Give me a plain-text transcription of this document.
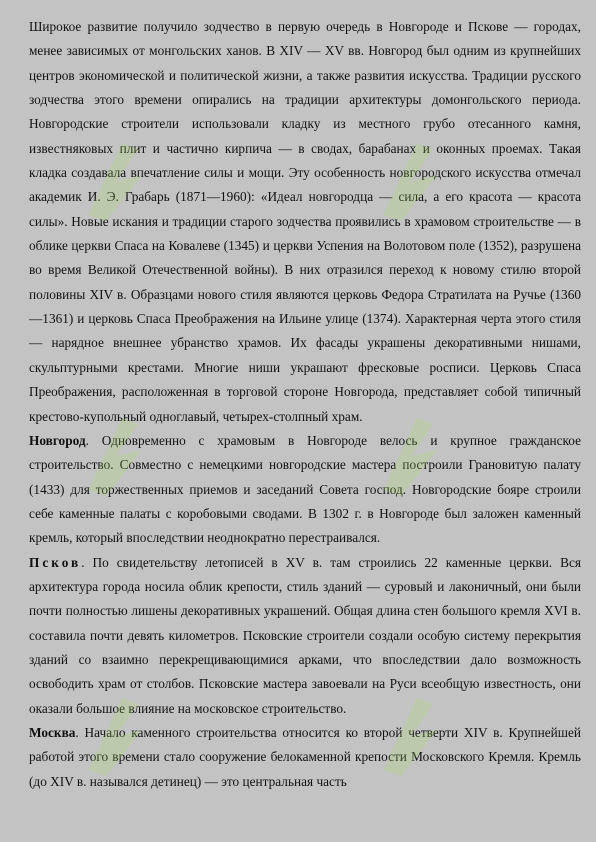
Широкое развитие получило зодчество в первую очередь в Новгороде и Пскове — городах, менее зависимых от монгольских ханов. В XIV — XV вв. Новгород был одним из крупнейших центров экономической и политической жизни, а также развития искусства. Традиции русского зодчества этого времени опирались на традиции архитектуры домонгольского периода. Новгородские строители использовали кладку из местного грубо отесанного камня, известняковых плит и частично кирпича — в сводах, барабанах и оконных проемах. Такая кладка создавала впечатление силы и мощи. Эту особенность новгородского искусства отмечал академик И. Э. Грабарь (1871—1960): «Идеал новгородца — сила, а его красота — красота силы». Новые искания и традиции старого зодчества проявились в храмовом строительстве — в облике церкви Спаса на Ковалеве (1345) и церкви Успения на Волотовом поле (1352), разрушена во время Великой Отечественной войны). В них отразился переход к новому стилю второй половины XIV в. Образцами нового стиля являются церковь Федора Стратилата на Ручье (1360—1361) и церковь Спаса Преображения на Ильине улице (1374). Характерная черта этого стиля — нарядное внешнее убранство храмов. Их фасады украшены декоративными нишами, скульптурными крестами. Многие ниши украшают фресковые росписи. Церковь Спаса Преображения, расположенная в торговой стороне Новгорода, представляет собой типичный крестово-купольный одноглавый, четырех-столпный храм.

Новгород. Одновременно с храмовым в Новгороде велось и крупное гражданское строительство. Совместно с немецкими новгородские мастера построили Грановитую палату (1433) для торжественных приемов и заседаний Совета господ. Новгородские бояре строили себе каменные палаты с коробовыми сводами. В 1302 г. в Новгороде был заложен каменный кремль, который впоследствии неоднократно перестраивался.

Псков. По свидетельству летописей в XV в. там строились 22 каменные церкви. Вся архитектура города носила облик крепости, стиль зданий — суровый и лаконичный, они были почти полностью лишены декоративных украшений. Общая длина стен большого кремля XVI в. составила почти девять километров. Псковские строители создали особую систему перекрытия зданий со взаимно перекрещивающимися арками, что впоследствии дало возможность освободить храм от столбов. Псковские мастера завоевали на Руси всеобщую известность, они оказали большое влияние на московское строительство.

Москва. Начало каменного строительства относится ко второй четверти XIV в. Крупнейшей работой этого времени стало сооружение белокаменной крепости Московского Кремля. Кремль (до XIV в. назывался детинец) — это центральная часть
